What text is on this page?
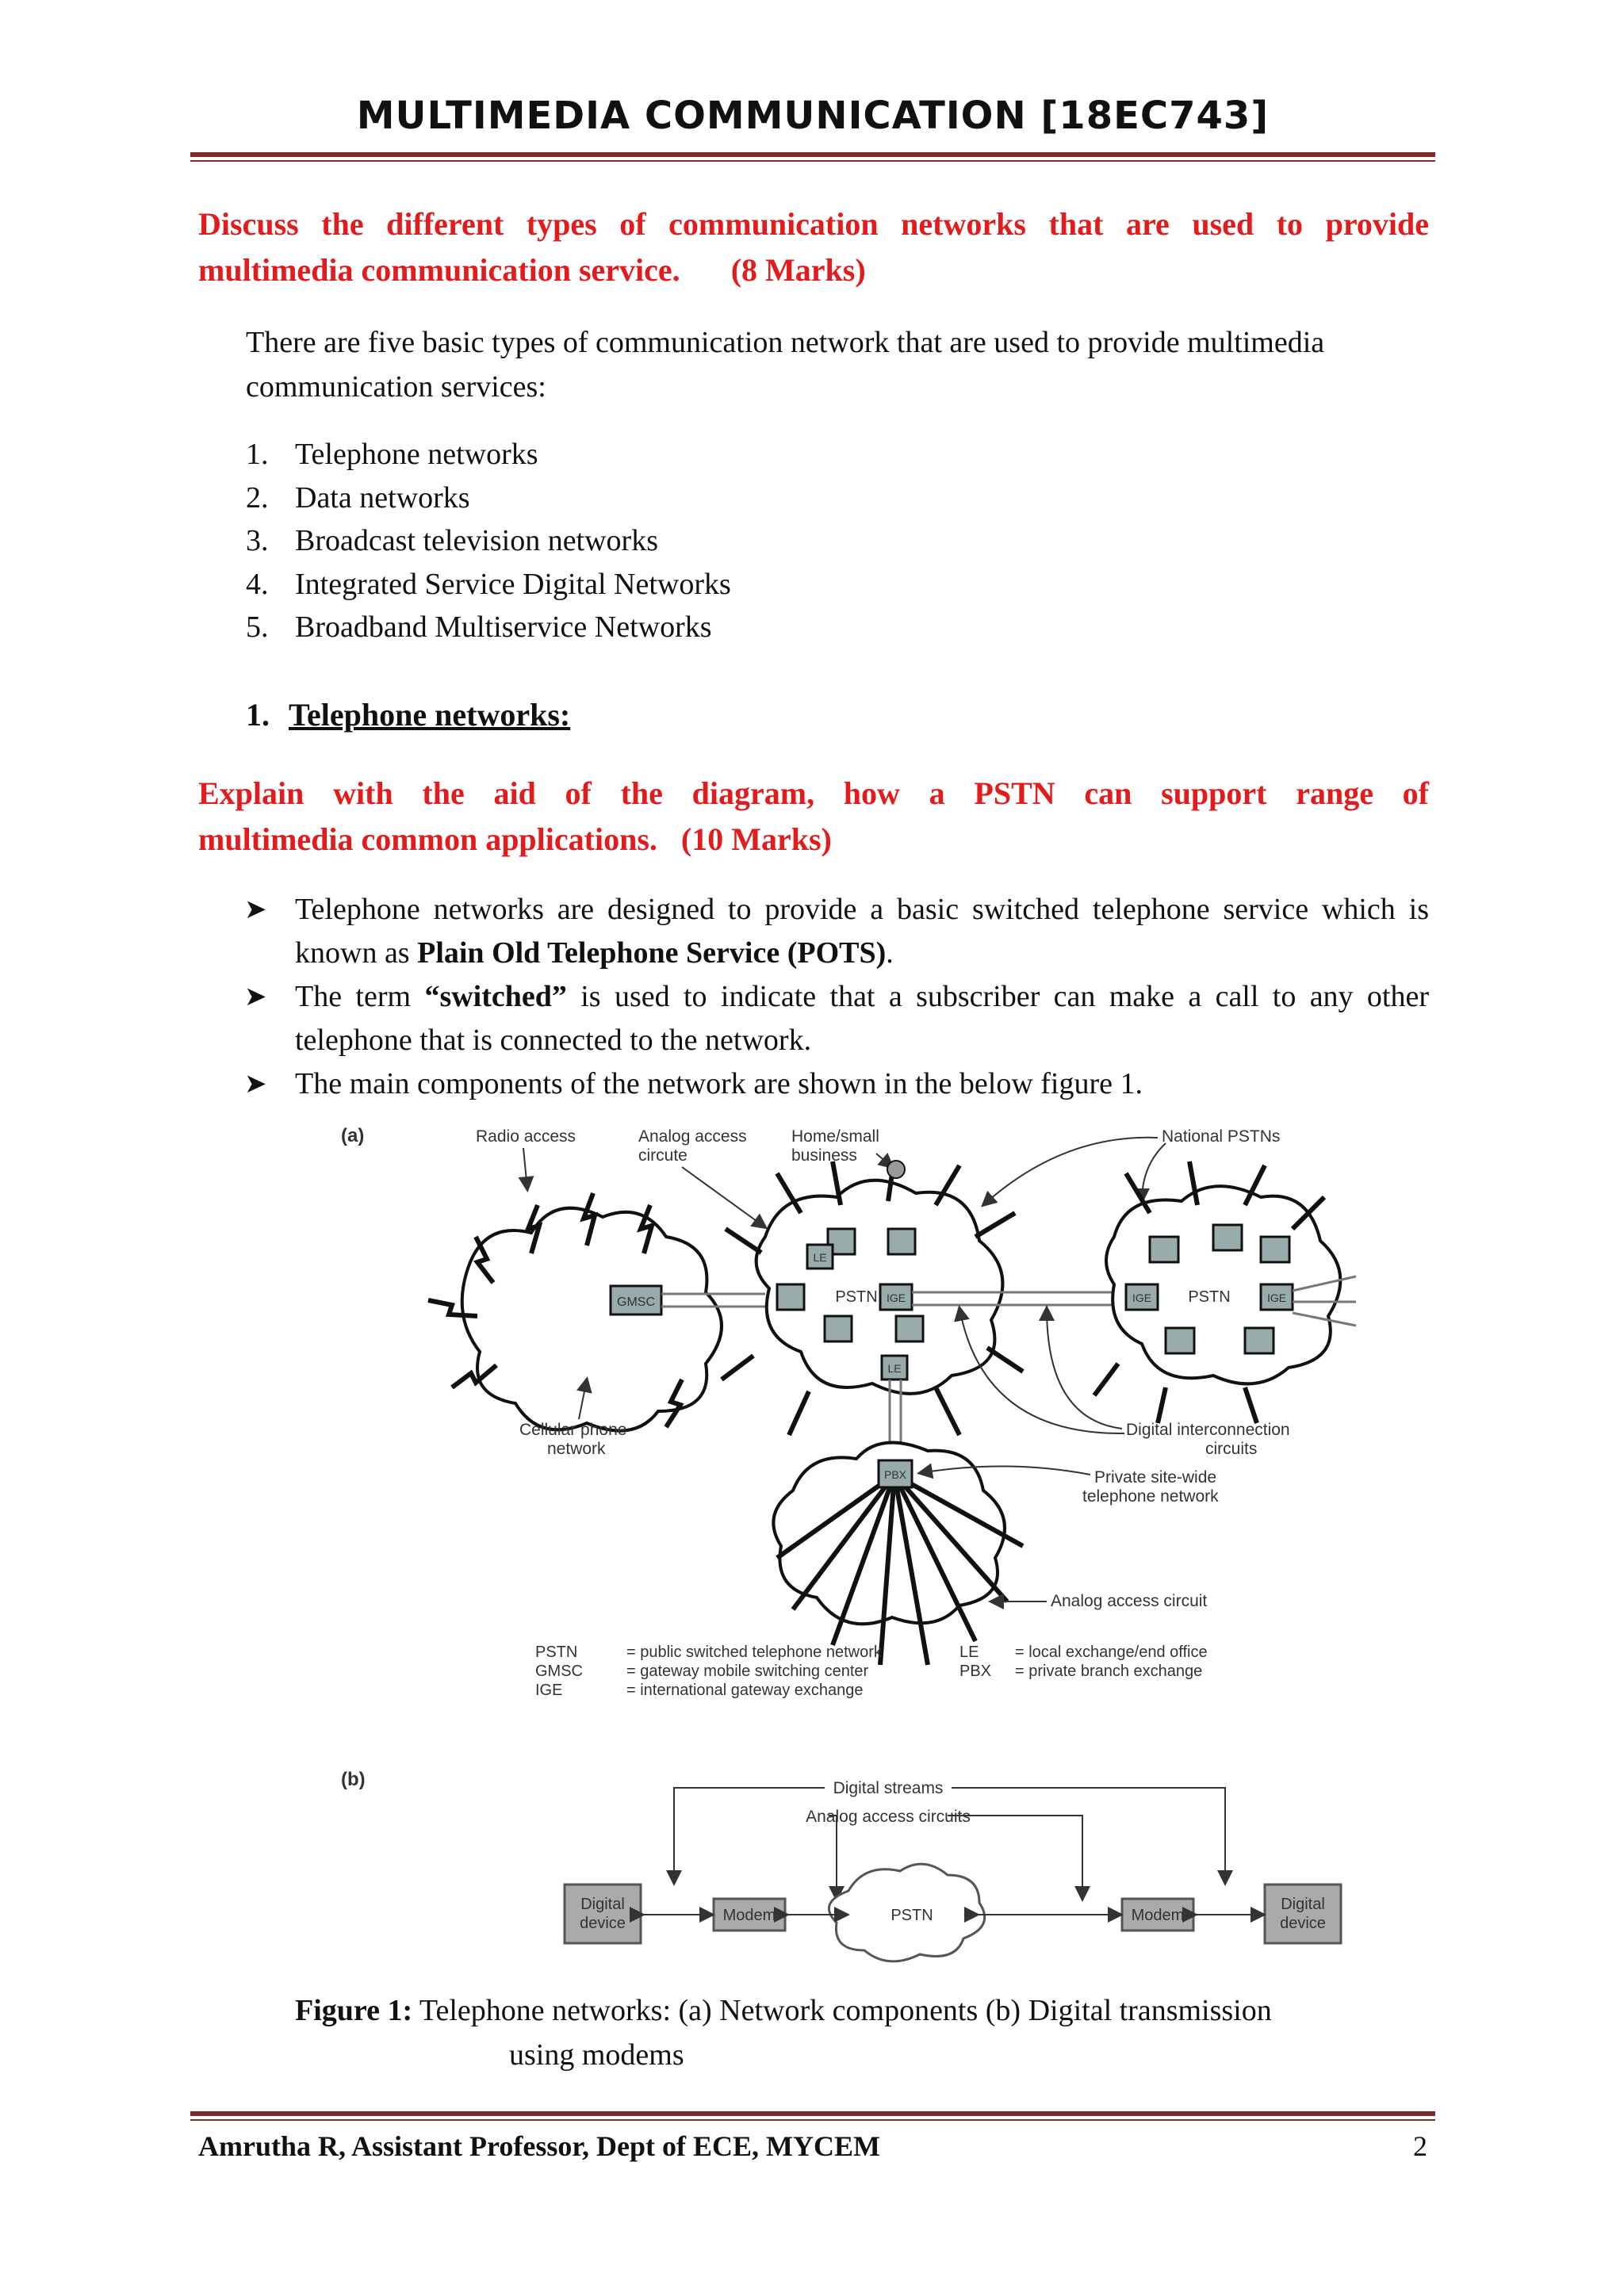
MULTIMEDIA COMMUNICATION [18EC743]
Discuss the different types of communication networks that are used to provide
multimedia communication service. (8 Marks)
There are five basic types of communication network that are used to provide multimedia communication services:
1. Telephone networks
2. Data networks
3. Broadcast television networks
4. Integrated Service Digital Networks
5. Broadband Multiservice Networks
1. Telephone networks:
Explain with the aid of the diagram, how a PSTN can support range of
multimedia common applications. (10 Marks)
➤ Telephone networks are designed to provide a basic switched telephone service which is known as Plain Old Telephone Service (POTS).
➤ The term “switched” is used to indicate that a subscriber can make a call to any other telephone that is connected to the network.
➤ The main components of the network are shown in the below figure 1.
(a)	Radio access	Analog access
circute
Home/small
business
National PSTNs
GMSC
LE
IGE
PSTN
LE
IGE PSTN	IGE
PBX
Cellular phone
network
Digital interconnection
circuits
Private site-wide
telephone network
Analog access circuit
PSTN	= public switched telephone network
GMSC	= gateway mobile switching center
IGE	= international gateway exchange
LE = local exchange/end office
PBX = private branch exchange
(b)	Digital streams
Analog access circuits
Digital
device	Modem	PSTN	Modem
Digital
device
Figure 1: Telephone networks: (a) Network components (b) Digital transmission
using modems
Amrutha R, Assistant Professor, Dept of ECE, MYCEM	2
